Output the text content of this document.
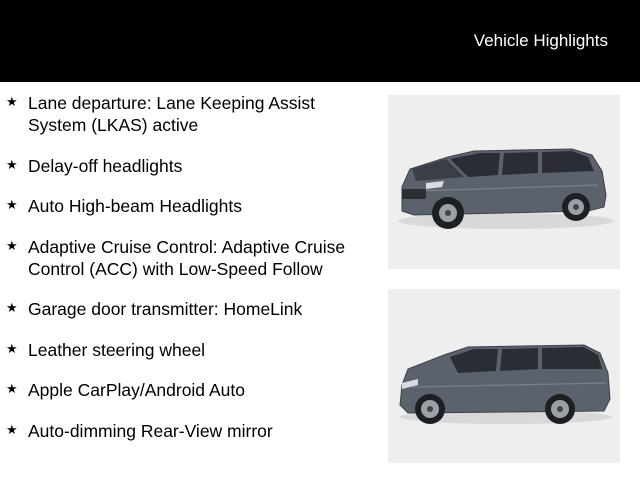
Vehicle Highlights
★ Lane departure: Lane Keeping Assist System (LKAS) active
★ Delay-off headlights
★ Auto High-beam Headlights
★ Adaptive Cruise Control: Adaptive Cruise Control (ACC) with Low-Speed Follow
★ Garage door transmitter: HomeLink
★ Leather steering wheel
★ Apple CarPlay/Android Auto
★ Auto-dimming Rear-View mirror
